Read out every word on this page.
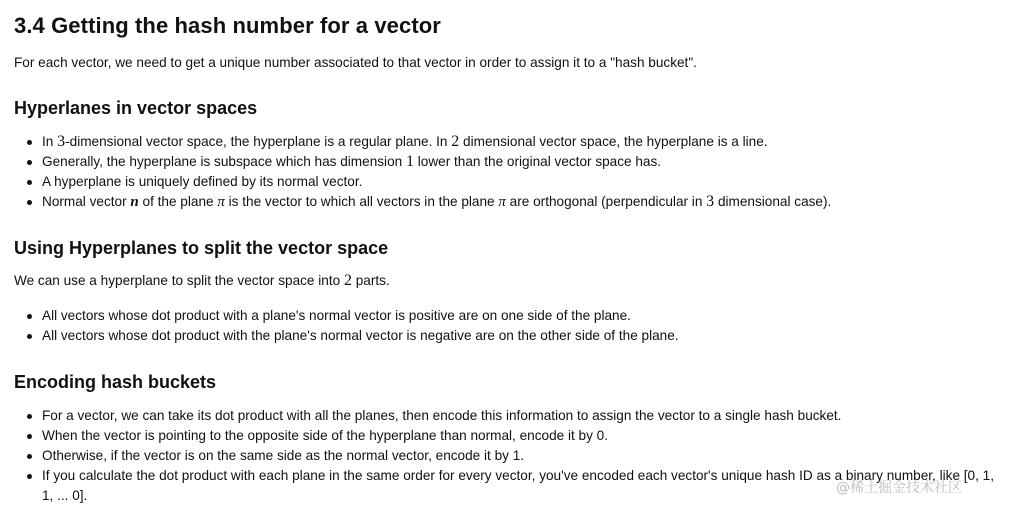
3.4 Getting the hash number for a vector

For each vector, we need to get a unique number associated to that vector in order to assign it to a "hash bucket".

Hyperlanes in vector spaces
In 3-dimensional vector space, the hyperplane is a regular plane. In 2 dimensional vector space, the hyperplane is a line.
Generally, the hyperplane is subspace which has dimension 1 lower than the original vector space has.
A hyperplane is uniquely defined by its normal vector.
Normal vector n of the plane π is the vector to which all vectors in the plane π are orthogonal (perpendicular in 3 dimensional case).
Using Hyperplanes to split the vector space

We can use a hyperplane to split the vector space into 2 parts.

All vectors whose dot product with a plane's normal vector is positive are on one side of the plane.
All vectors whose dot product with the plane's normal vector is negative are on the other side of the plane.
Encoding hash buckets
For a vector, we can take its dot product with all the planes, then encode this information to assign the vector to a single hash bucket.
When the vector is pointing to the opposite side of the hyperplane than normal, encode it by 0.
Otherwise, if the vector is on the same side as the normal vector, encode it by 1.
If you calculate the dot product with each plane in the same order for every vector, you've encoded each vector's unique hash ID as a binary number, like [0, 1, 1, ... 0].	@稀土掘金技术社区
